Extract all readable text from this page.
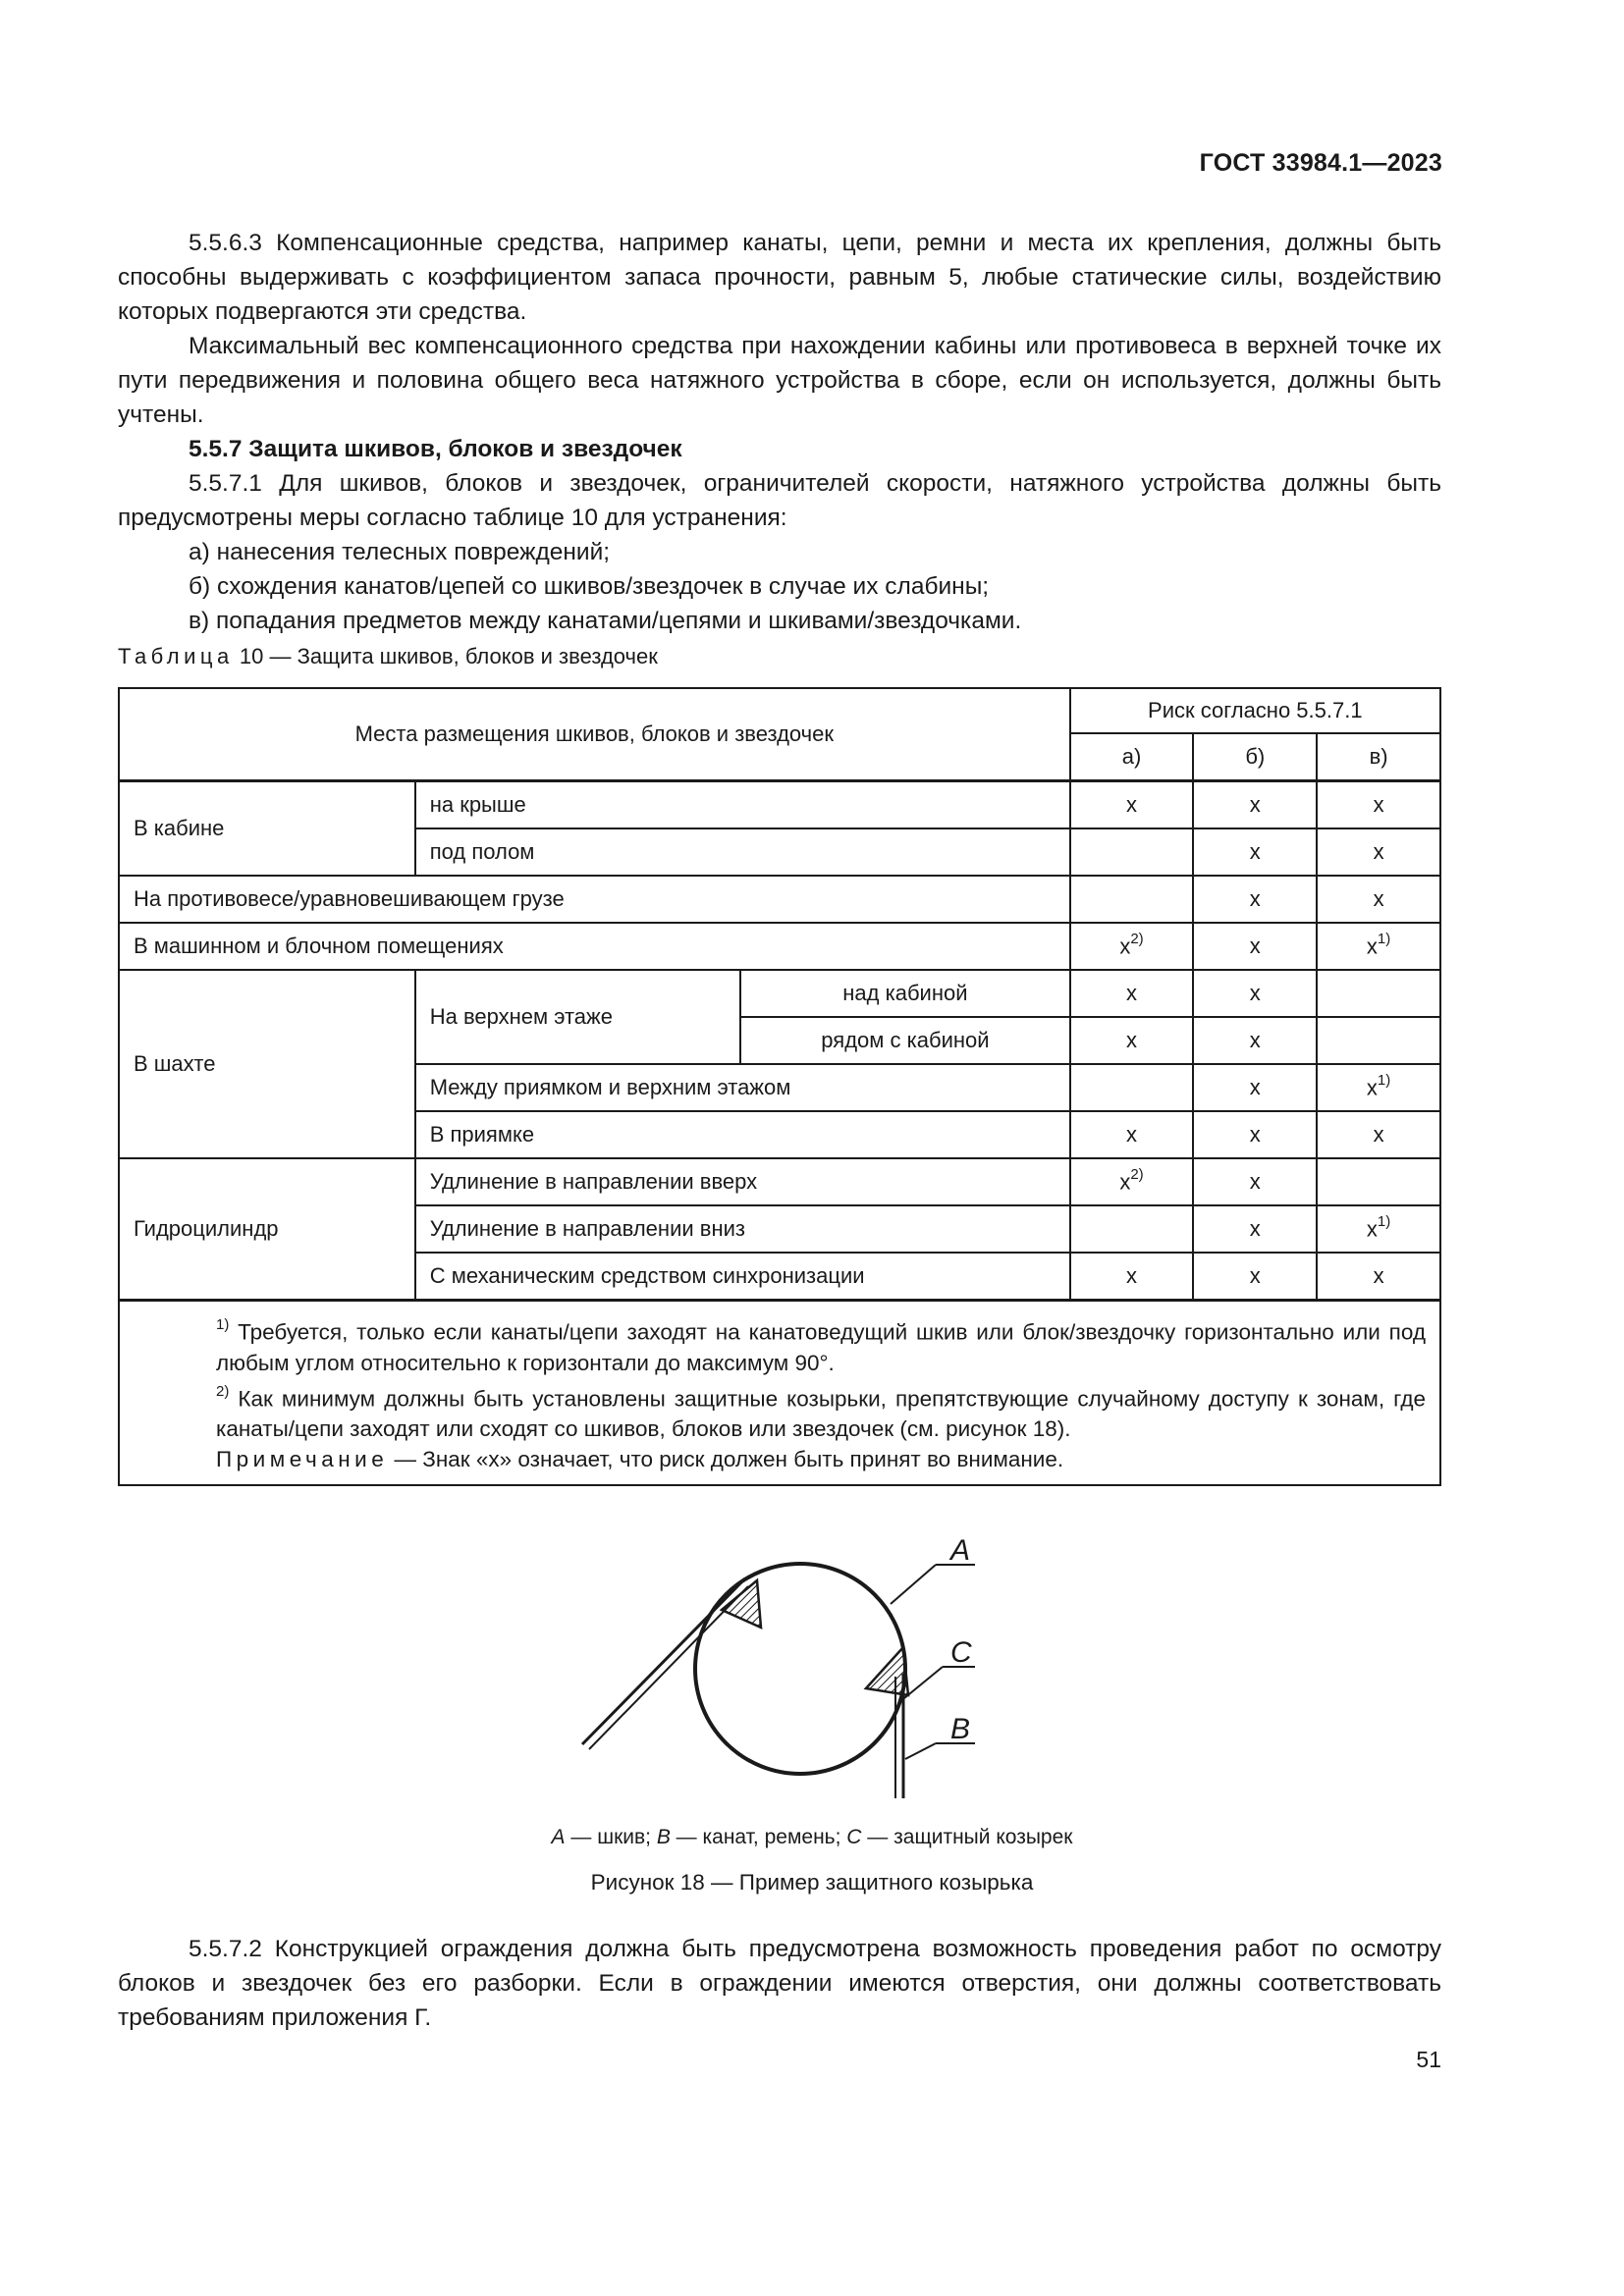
ГОСТ 33984.1—2023

5.5.6.3 Компенсационные средства, например канаты, цепи, ремни и места их крепления, должны быть способны выдерживать с коэффициентом запаса прочности, равным 5, любые статические силы, воздействию которых подвергаются эти средства.

Максимальный вес компенсационного средства при нахождении кабины или противовеса в верхней точке их пути передвижения и половина общего веса натяжного устройства в сборе, если он используется, должны быть учтены.

5.5.7 Защита шкивов, блоков и звездочек

5.5.7.1 Для шкивов, блоков и звездочек, ограничителей скорости, натяжного устройства должны быть предусмотрены меры согласно таблице 10 для устранения:

а) нанесения телесных повреждений;

б) схождения канатов/цепей со шкивов/звездочек в случае их слабины;

в) попадания предметов между канатами/цепями и шкивами/звездочками.

Таблица 10 — Защита шкивов, блоков и звездочек
Места размещения шкивов, блоков и звездочек			Риск согласно 5.5.7.1		
			а)	б)	в)
В кабине	на крыше		x	x	x
	под полом			x	x
На противовесе/уравновешивающем грузе				x	x
В машинном и блочном помещениях			$x^{2)}$	x	$x^{1)}$
В шахте	На верхнем этаже	над кабиной	x	x	
		рядом с кабиной	x	x	
	Между приямком и верхним этажом			x	$x^{1)}$
	В приямке		x	x	x
Гидроцилиндр	Удлинение в направлении вверх		$x^{2)}$	x	
	Удлинение в направлении вниз			x	$x^{1)}$
	С механическим средством синхронизации		x	x	x

$^{1)}$ Требуется, только если канаты/цепи заходят на канатоведущий шкив или блок/звездочку горизонтально или под любым углом относительно к горизонтали до максимум 90°.
$^{2)}$ Как минимум должны быть установлены защитные козырьки, препятствующие случайному доступу к зонам, где канаты/цепи заходят или сходят со шкивов, блоков или звездочек (см. рисунок 18).
Примечание — Знак «x» означает, что риск должен быть принят во внимание.					
A
C
B
A — шкив; B — канат, ремень; C — защитный козырек
Рисунок 18 — Пример защитного козырька

5.5.7.2 Конструкцией ограждения должна быть предусмотрена возможность проведения работ по осмотру блоков и звездочек без его разборки. Если в ограждении имеются отверстия, они должны соответствовать требованиям приложения Г.

51
